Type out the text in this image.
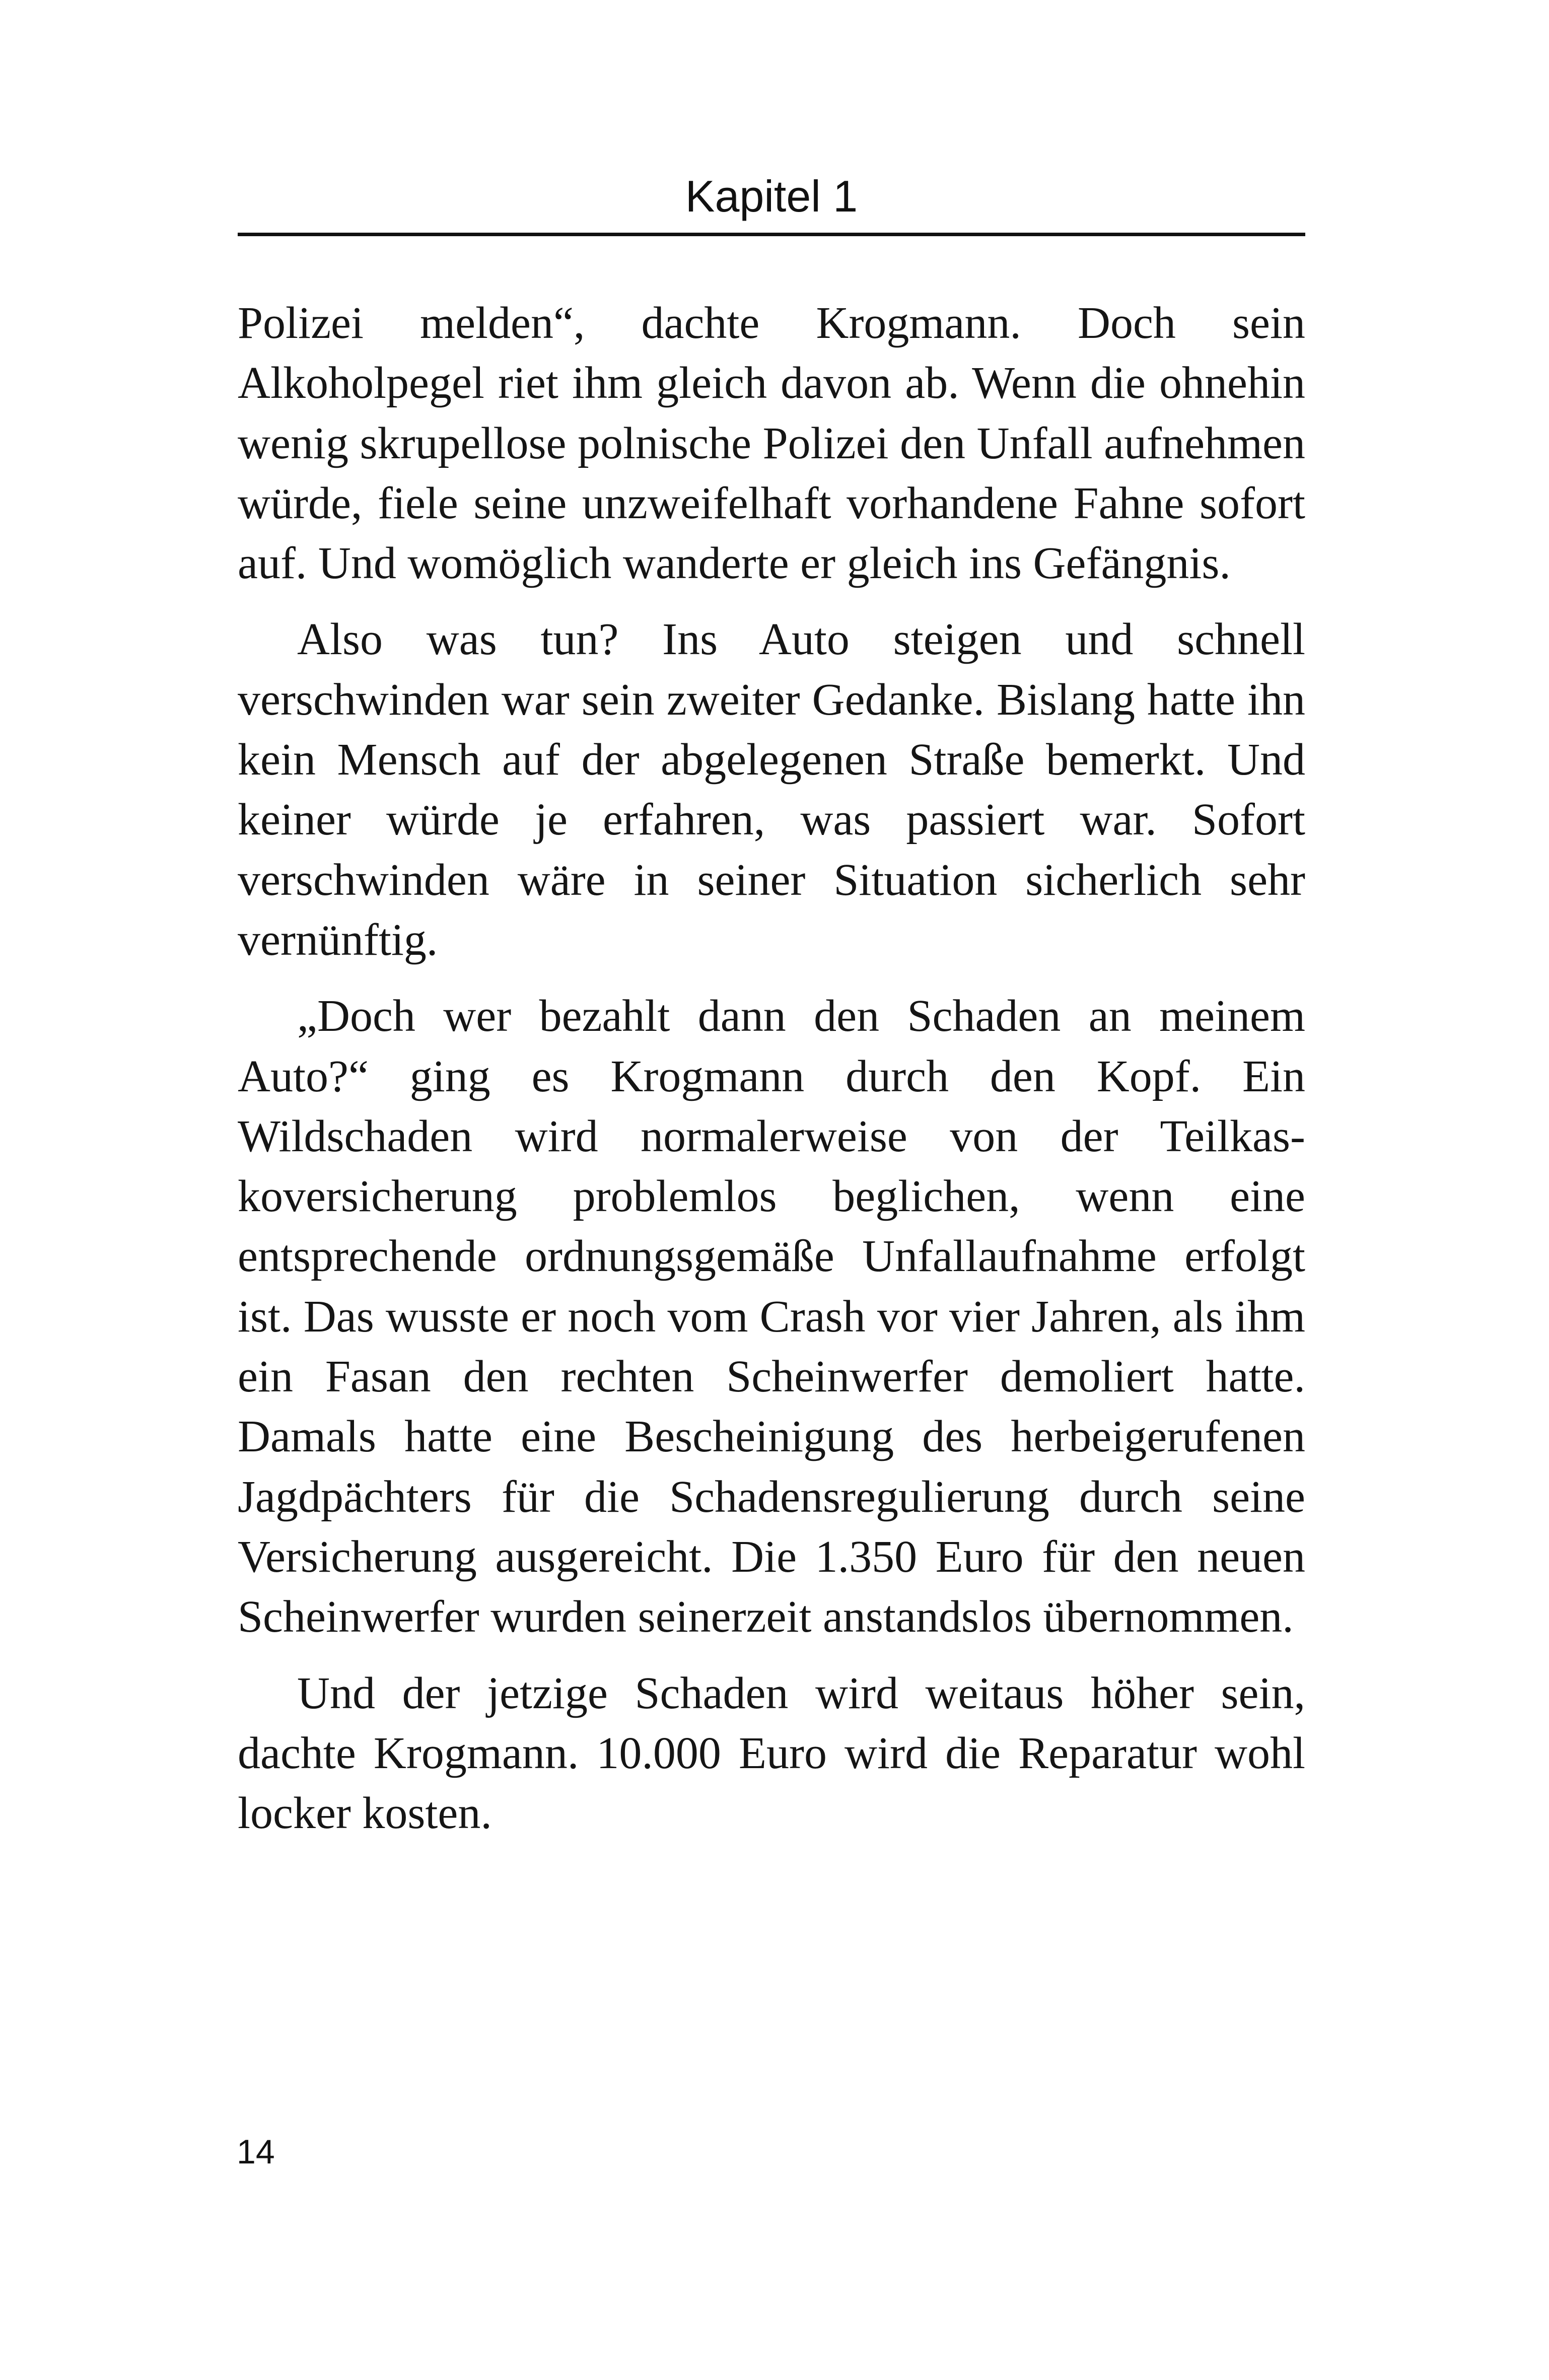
Kapitel 1

Polizei melden“, dachte Krogmann. Doch sein Alkoholpegel riet ihm gleich davon ab. Wenn die ohnehin wenig skrupellose polnische Polizei den Unfall aufnehmen würde, fiele seine unzweifelhaft vorhandene Fahne sofort auf. Und womöglich wanderte er gleich ins Gefängnis.

Also was tun? Ins Auto steigen und schnell verschwinden war sein zweiter Gedanke. Bislang hatte ihn kein Mensch auf der abgelegenen Straße bemerkt. Und keiner würde je erfahren, was passiert war. Sofort verschwinden wäre in seiner Situation sicherlich sehr vernünftig.

„Doch wer bezahlt dann den Schaden an meinem Auto?“ ging es Krogmann durch den Kopf. Ein Wildschaden wird normalerweise von der Teilkaskoversicherung problemlos beglichen, wenn eine entsprechende ordnungsgemäße Unfallaufnahme erfolgt ist. Das wusste er noch vom Crash vor vier Jahren, als ihm ein Fasan den rechten Scheinwerfer demoliert hatte. Damals hatte eine Bescheinigung des herbeigerufenen Jagdpächters für die Schadensregulierung durch seine Versicherung ausgereicht. Die 1.350 Euro für den neuen Scheinwerfer wurden seinerzeit anstandslos übernommen.

Und der jetzige Schaden wird weitaus höher sein, dachte Krogmann. 10.000 Euro wird die Reparatur wohl locker kosten.

14
